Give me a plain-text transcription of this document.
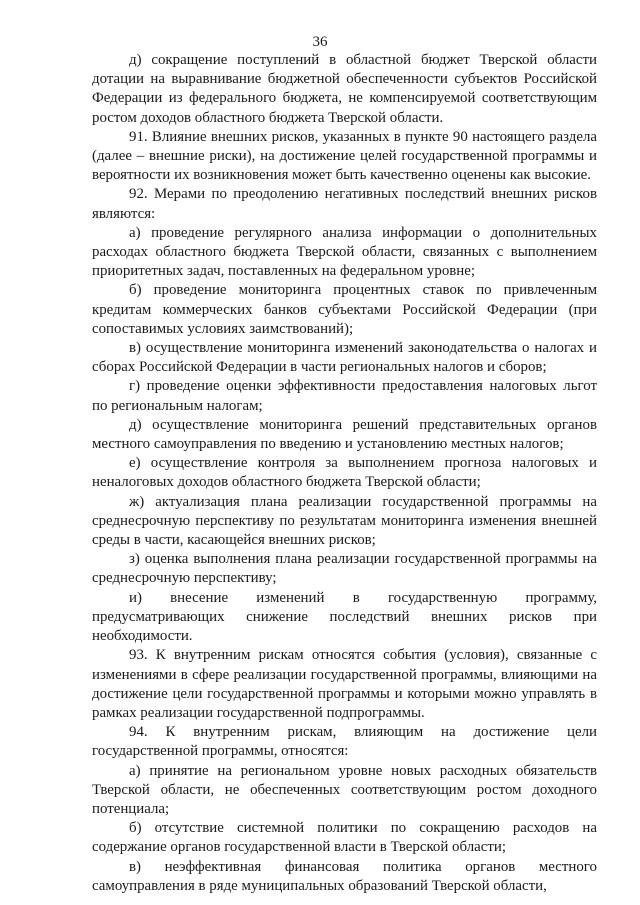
36

д) сокращение поступлений в областной бюджет Тверской области дотации на выравнивание бюджетной обеспеченности субъектов Российской Федерации из федерального бюджета, не компенсируемой соответствующим ростом доходов областного бюджета Тверской области.

91. Влияние внешних рисков, указанных в пункте 90 настоящего раздела (далее – внешние риски), на достижение целей государственной программы и вероятности их возникновения может быть качественно оценены как высокие.

92. Мерами по преодолению негативных последствий внешних рисков являются:

а) проведение регулярного анализа информации о дополнительных расходах областного бюджета Тверской области, связанных с выполнением приоритетных задач, поставленных на федеральном уровне;

б) проведение мониторинга процентных ставок по привлеченным кредитам коммерческих банков субъектами Российской Федерации (при сопоставимых условиях заимствований);

в) осуществление мониторинга изменений законодательства о налогах и сборах Российской Федерации в части региональных налогов и сборов;

г) проведение оценки эффективности предоставления налоговых льгот по региональным налогам;

д) осуществление мониторинга решений представительных органов местного самоуправления по введению и установлению местных налогов;

е) осуществление контроля за выполнением прогноза налоговых и неналоговых доходов областного бюджета Тверской области;

ж) актуализация плана реализации государственной программы на среднесрочную перспективу по результатам мониторинга изменения внешней среды в части, касающейся внешних рисков;

з) оценка выполнения плана реализации государственной программы на среднесрочную перспективу;

и) внесение изменений в государственную программу, предусматривающих снижение последствий внешних рисков при необходимости.

93. К внутренним рискам относятся события (условия), связанные с изменениями в сфере реализации государственной программы, влияющими на достижение цели государственной программы и которыми можно управлять в рамках реализации государственной подпрограммы.

94. К внутренним рискам, влияющим на достижение цели государственной программы, относятся:

а) принятие на региональном уровне новых расходных обязательств Тверской области, не обеспеченных соответствующим ростом доходного потенциала;

б) отсутствие системной политики по сокращению расходов на содержание органов государственной власти в Тверской области;

в) неэффективная финансовая политика органов местного самоуправления в ряде муниципальных образований Тверской области,
